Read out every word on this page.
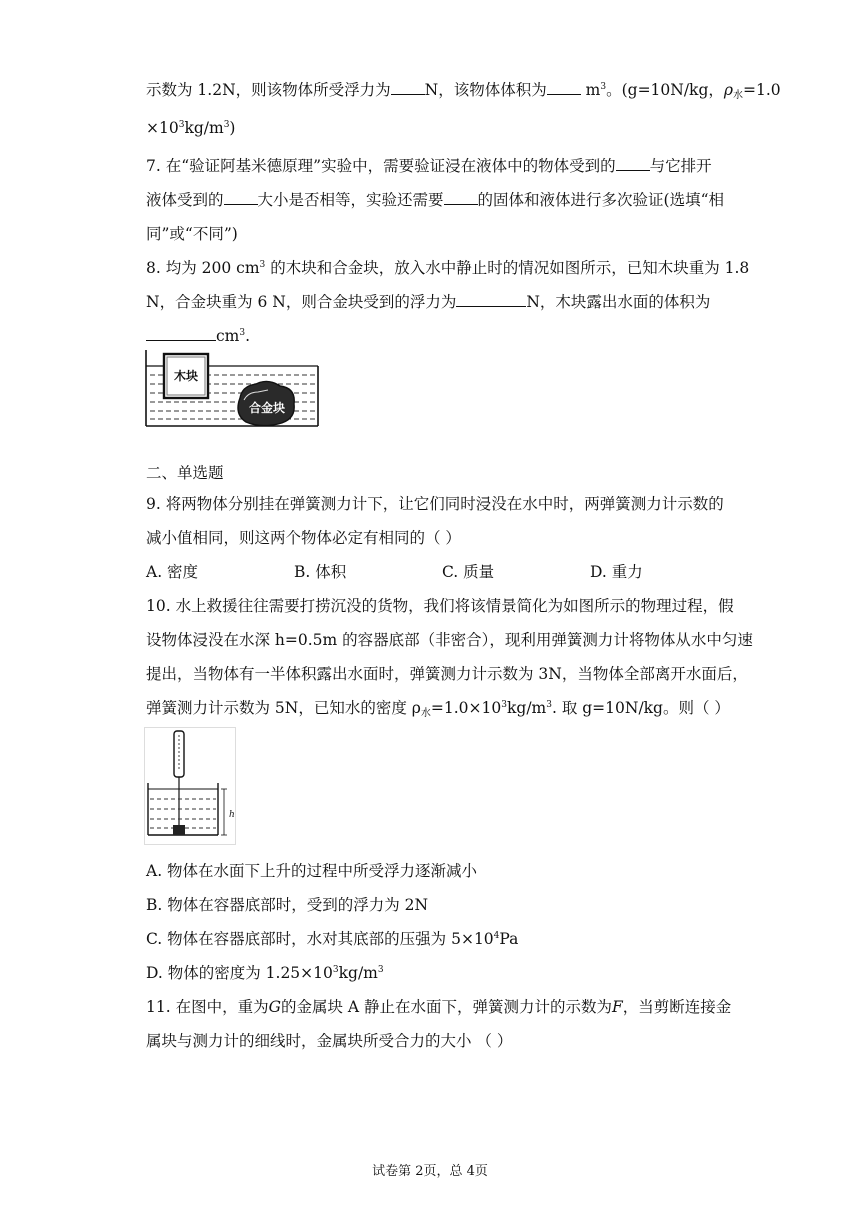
示数为 1.2N，则该物体所受浮力为 N，该物体体积为 $m^3$。(g=10N/kg，$\rho_水=1.0$
$\times 10^3kg/m^3$)
7. 在“验证阿基米德原理”实验中，需要验证浸在液体中的物体受到的 与它排开
液体受到的 大小是否相等，实验还需要 的固体和液体进行多次验证(选填“相
同”或“不同”)
8. 均为 200 $cm^3$ 的木块和合金块，放入水中静止时的情况如图所示，已知木块重为 1.8
N，合金块重为 6 N，则合金块受到的浮力为	N，木块露出水面的体积为
$cm^3$.
木块
合金块
二、单选题
9. 将两物体分别挂在弹簧测力计下，让它们同时浸没在水中时，两弹簧测力计示数的
减小值相同，则这两个物体必定有相同的（ ）
A. 密度	B. 体积	C. 质量	D. 重力
10. 水上救援往往需要打捞沉没的货物，我们将该情景简化为如图所示的物理过程，假
设物体浸没在水深 h=0.5m 的容器底部（非密合），现利用弹簧测力计将物体从水中匀速
提出，当物体有一半体积露出水面时，弹簧测力计示数为 3N，当物体全部离开水面后，
弹簧测力计示数为 5N，已知水的密度 $\rho_水=1.0\times 10^3kg/m^3$. 取 g=10N/kg。则（ ）
h
A. 物体在水面下上升的过程中所受浮力逐渐减小
B. 物体在容器底部时，受到的浮力为 2N
C. 物体在容器底部时，水对其底部的压强为 $5\times 10^4Pa$
D. 物体的密度为 $1.25\times 10^3kg/m^3$
11. 在图中，重为G的金属块 A 静止在水面下，弹簧测力计的示数为F，当剪断连接金
属块与测力计的细线时，金属块所受合力的大小 （ ）
试卷第 2页，总 4页
